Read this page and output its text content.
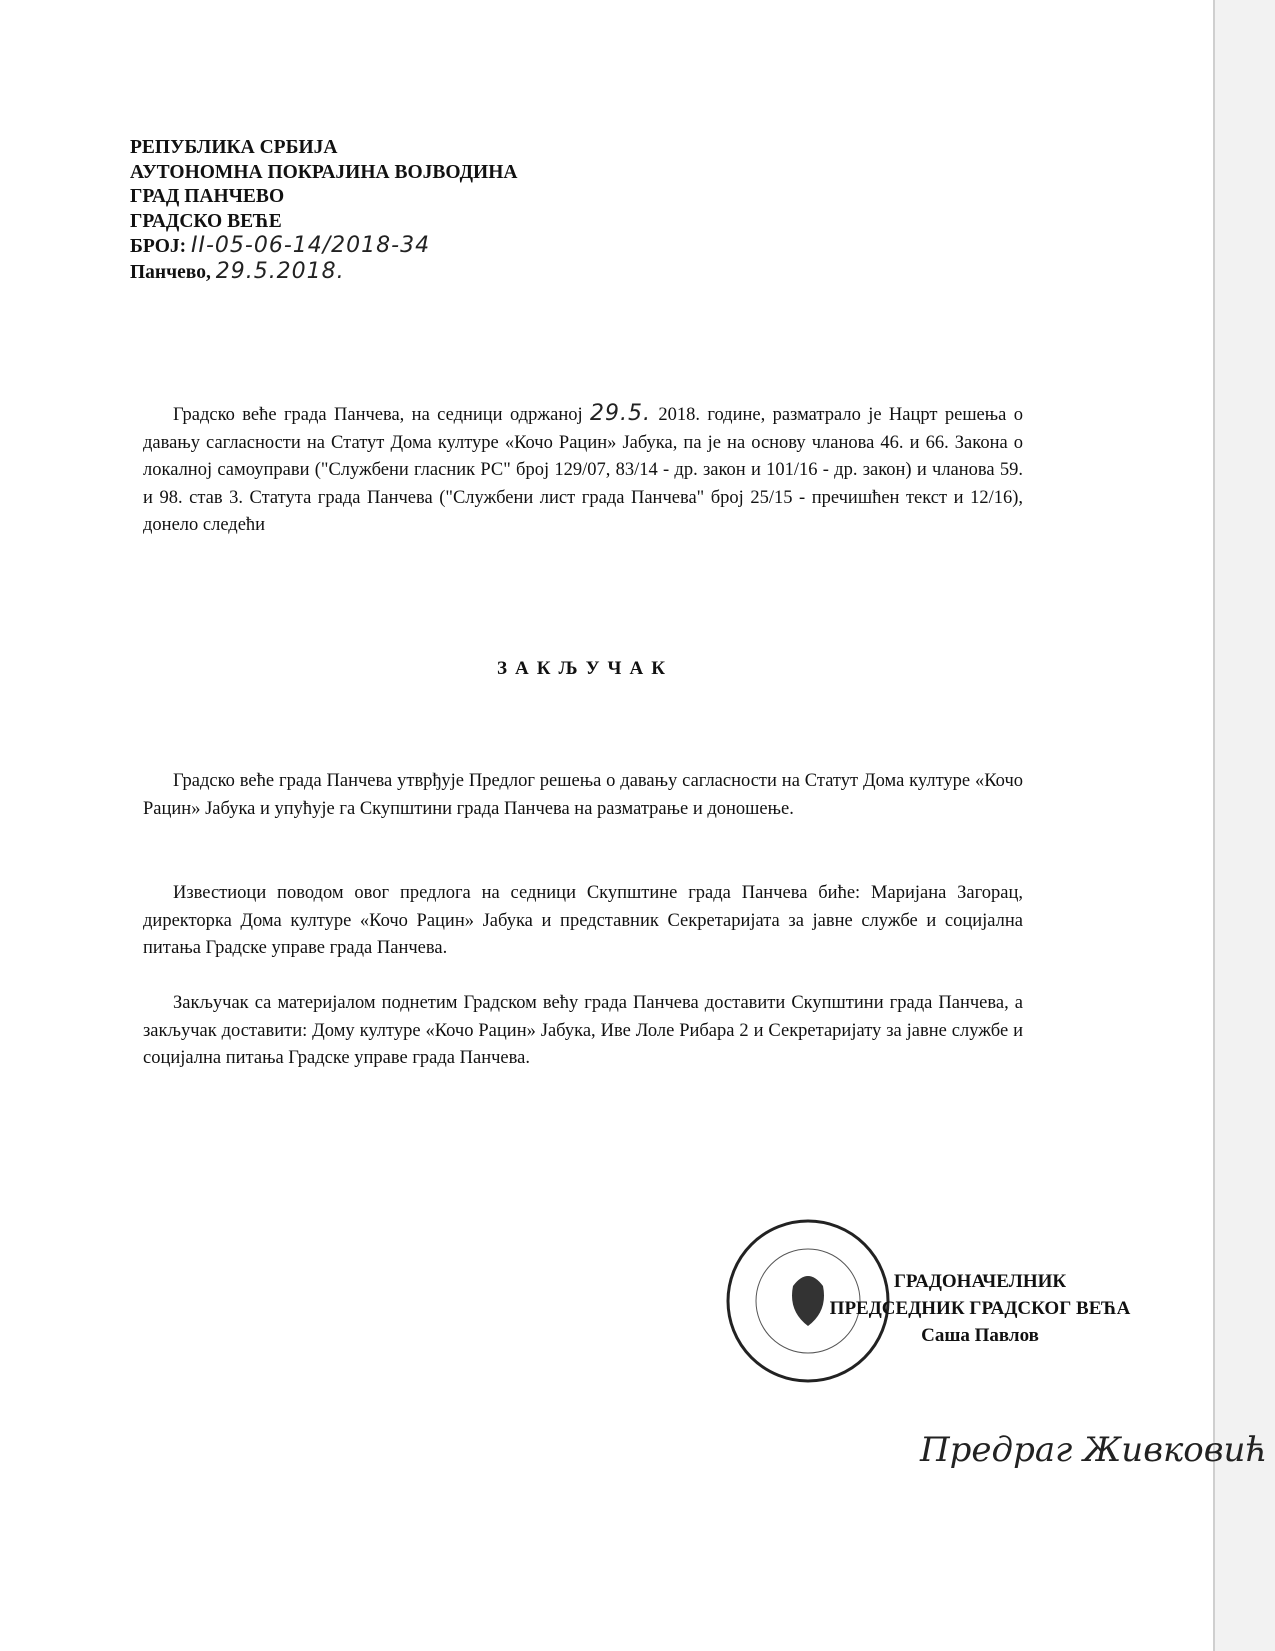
РЕПУБЛИКА СРБИЈА
АУТОНОМНА ПОКРАЈИНА ВОЈВОДИНА
ГРАД ПАНЧЕВО
ГРАДСКО ВЕЋЕ
БРОЈ: II-05-06-14/2018-34
Панчево, 29.5.2018.
Градско веће града Панчева, на седници одржаној 29.5. 2018. године, разматрало је Нацрт решења о давању сагласности на Статут Дома културе «Кочо Рацин» Јабука, па је на основу чланова 46. и 66. Закона о локалној самоуправи ("Службени гласник РС" број 129/07, 83/14 - др. закон и 101/16 - др. закон) и чланова 59. и 98. став 3. Статута града Панчева ("Службени лист града Панчева" број 25/15 - пречишћен текст и 12/16), донело следећи
ЗАКЉУЧАК
Градско веће града Панчева утврђује Предлог решења о давању сагласности на Статут Дома културе «Кочо Рацин» Јабука и упућује га Скупштини града Панчева на разматрање и доношење.
Известиоци поводом овог предлога на седници Скупштине града Панчева биће: Маријана Загорац, директорка Дома културе «Кочо Рацин» Јабука и представник Секретаријата за јавне службе и социјална питања Градске управе града Панчева.
Закључак са материјалом поднетим Градском већу града Панчева доставити Скупштини града Панчева, а закључак доставити: Дому културе «Кочо Рацин» Јабука, Иве Лоле Рибара 2 и Секретаријату за јавне службе и социјална питања Градске управе града Панчева.
ГРАДОНАЧЕЛНИК
ПРЕДСЕДНИК ГРАДСКОГ ВЕЋА
Саша Павлов
Предраг Живковић
